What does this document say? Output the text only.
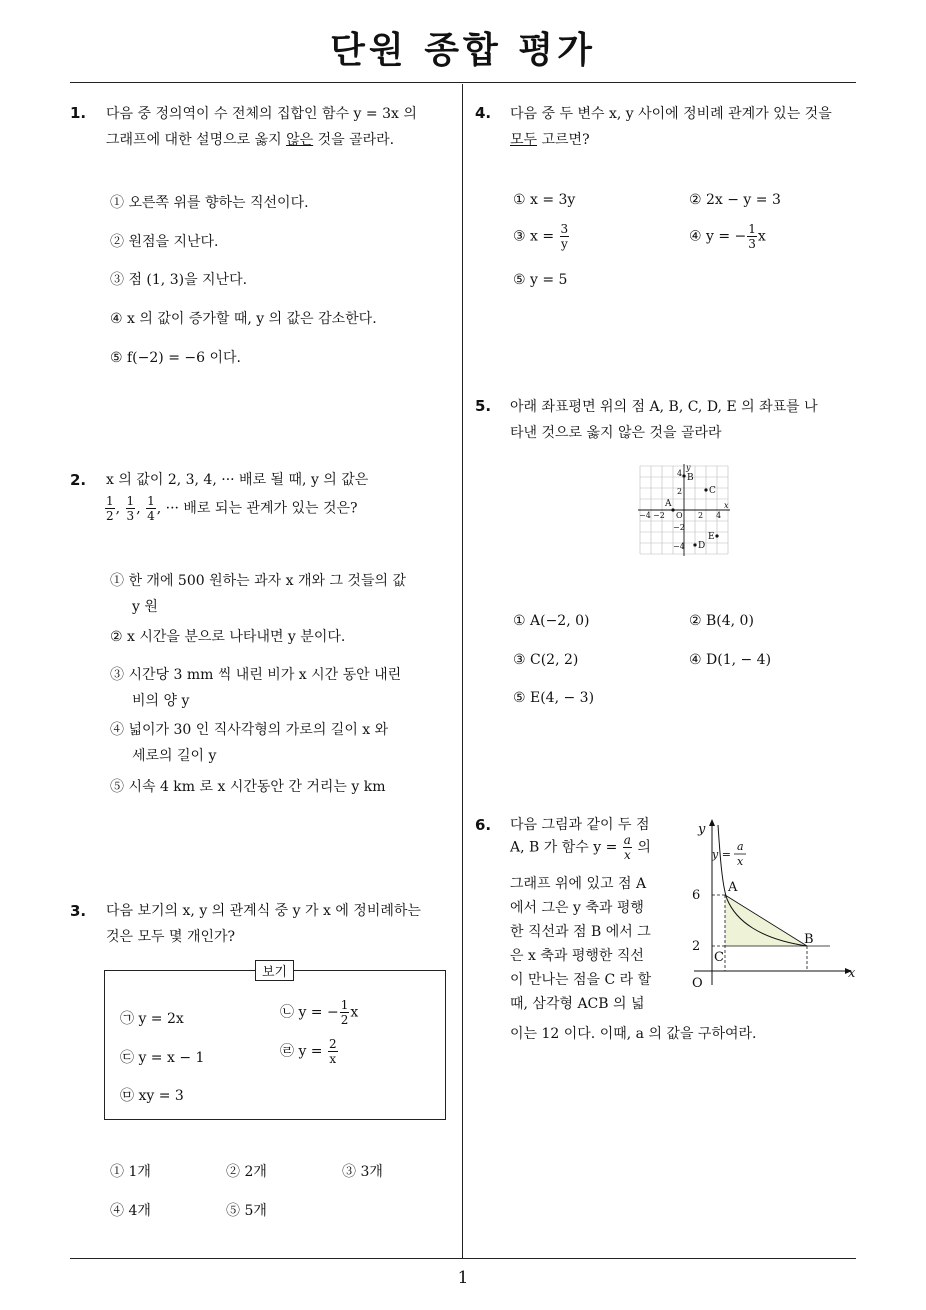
단원 종합 평가
1. 다음 중 정의역이 수 전체의 집합인 함수 y = 3x 의
그래프에 대한 설명으로 옳지 않은 것을 골라라.
① 오른쪽 위를 향하는 직선이다.
② 원점을 지난다.
③ 점 (1, 3)을 지난다.
④ x 의 값이 증가할 때, y 의 값은 감소한다.
⑤ f(−2) = −6 이다.
2. x 의 값이 2, 3, 4, ··· 배로 될 때, y 의 값은
$\frac{1}{2}$ , $\frac{1}{3}$ , $\frac{1}{4}$ , ··· 배로 되는 관계가 있는 것은?
① 한 개에 500 원하는 과자 x 개와 그 것들의 값
y 원
② x 시간을 분으로 나타내면 y 분이다.
③ 시간당 3 mm 씩 내린 비가 x 시간 동안 내린
비의 양 y
④ 넓이가 30 인 직사각형의 가로의 길이 x 와
세로의 길이 y
⑤ 시속 4 km 로 x 시간동안 간 거리는 y km
3. 다음 보기의 x, y 의 관계식 중 y 가 x 에 정비례하는
것은 모두 몇 개인가?
보기
㉠ y = 2x	㉡ y = − $\frac{1}{2}$ x
㉢ y = x − 1	㉣ $y = \frac{2}{x}$
㉤ xy = 3
① 1개	② 2개	③ 3개
④ 4개	⑤ 5개
4. 다음 중 두 변수 x, y 사이에 정비례 관계가 있는 것을
모두 고르면?
① x = 3y	② 2x − y = 3
③ $x = \frac{3}{y}$	④ y = − $\frac{1}{3}$ x
⑤ y = 5
5. 아래 좌표평면 위의 점 A, B, C, D, E 의 좌표를 나
타낸 것으로 옳지 않은 것을 골라라
y
x
O
4
2
−2
−4
4
2
−2
−4
B
A
C
D
E
① A(−2, 0)	② B(4, 0)
③ C(2, 2)	④ D(1, − 4)
⑤ E(4, − 3)
6. 다음 그림과 같이 두 점
A, B 가 함수 $y = \frac{a}{x}$ 의
그래프 위에 있고 점 A
에서 그은 y 축과 평행
한 직선과 점 B 에서 그
은 x 축과 평행한 직선
이 만나는 점을 C 라 할
때, 삼각형 ACB 의 넓
이는 12 이다. 이때, a 의 값을 구하여라.
y
x
O
6
2
A
B
C
y =
a
x
1
